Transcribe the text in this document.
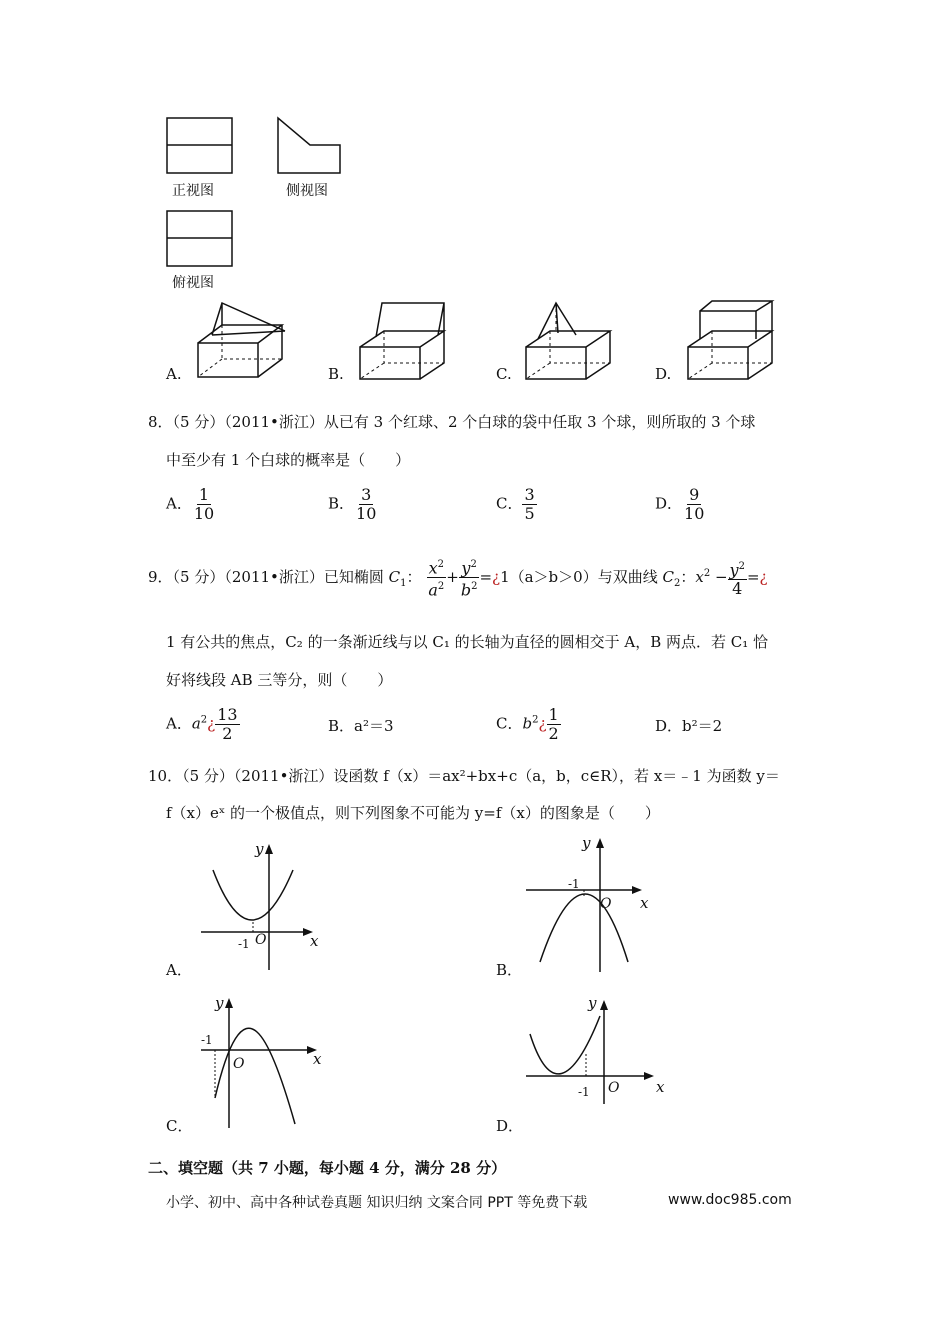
正视图	侧视图
俯视图
A.	B.	C.	D.
8．（5 分）（2011•浙江）从已有 3 个红球、2 个白球的袋中任取 3 个球，则所取的 3 个球
中至少有 1 个白球的概率是（　　）
A． $\frac{1}{10}$	B． $\frac{3}{10}$	C． $\frac{3}{5}$	D． $\frac{9}{10}$
9．（5 分）（2011•浙江）已知椭圆 $C_1$： $\frac{x^2}{a^2} + \frac{y^2}{b^2}$ =¿1（a＞b＞0）与双曲线 $C_2$：$x^2 - \frac{y^2}{4}$ =¿
1 有公共的焦点，C₂ 的一条渐近线与以 C₁ 的长轴为直径的圆相交于 A，B 两点．若 C₁ 恰
好将线段 AB 三等分，则（　　）
A．$a^2¿ \frac{13}{2}$	B．a²＝3	C．$b^2¿ \frac{1}{2}$	D．b²＝2
10．（5 分）（2011•浙江）设函数 f（x）＝ax²+bx+c（a，b，c∈R），若 x＝﹣1 为函数 y＝
f（x）eˣ 的一个极值点，则下列图象不可能为 y=f（x）的图象是（　　）
y
x
O
-1
A．
y
x
O
-1
B．
y
x
O
-1
C．
y
x
O
-1
D．
二、填空题（共 7 小题，每小题 4 分，满分 28 分）
小学、初中、高中各种试卷真题 知识归纳 文案合同 PPT 等免费下载	www.doc985.com
